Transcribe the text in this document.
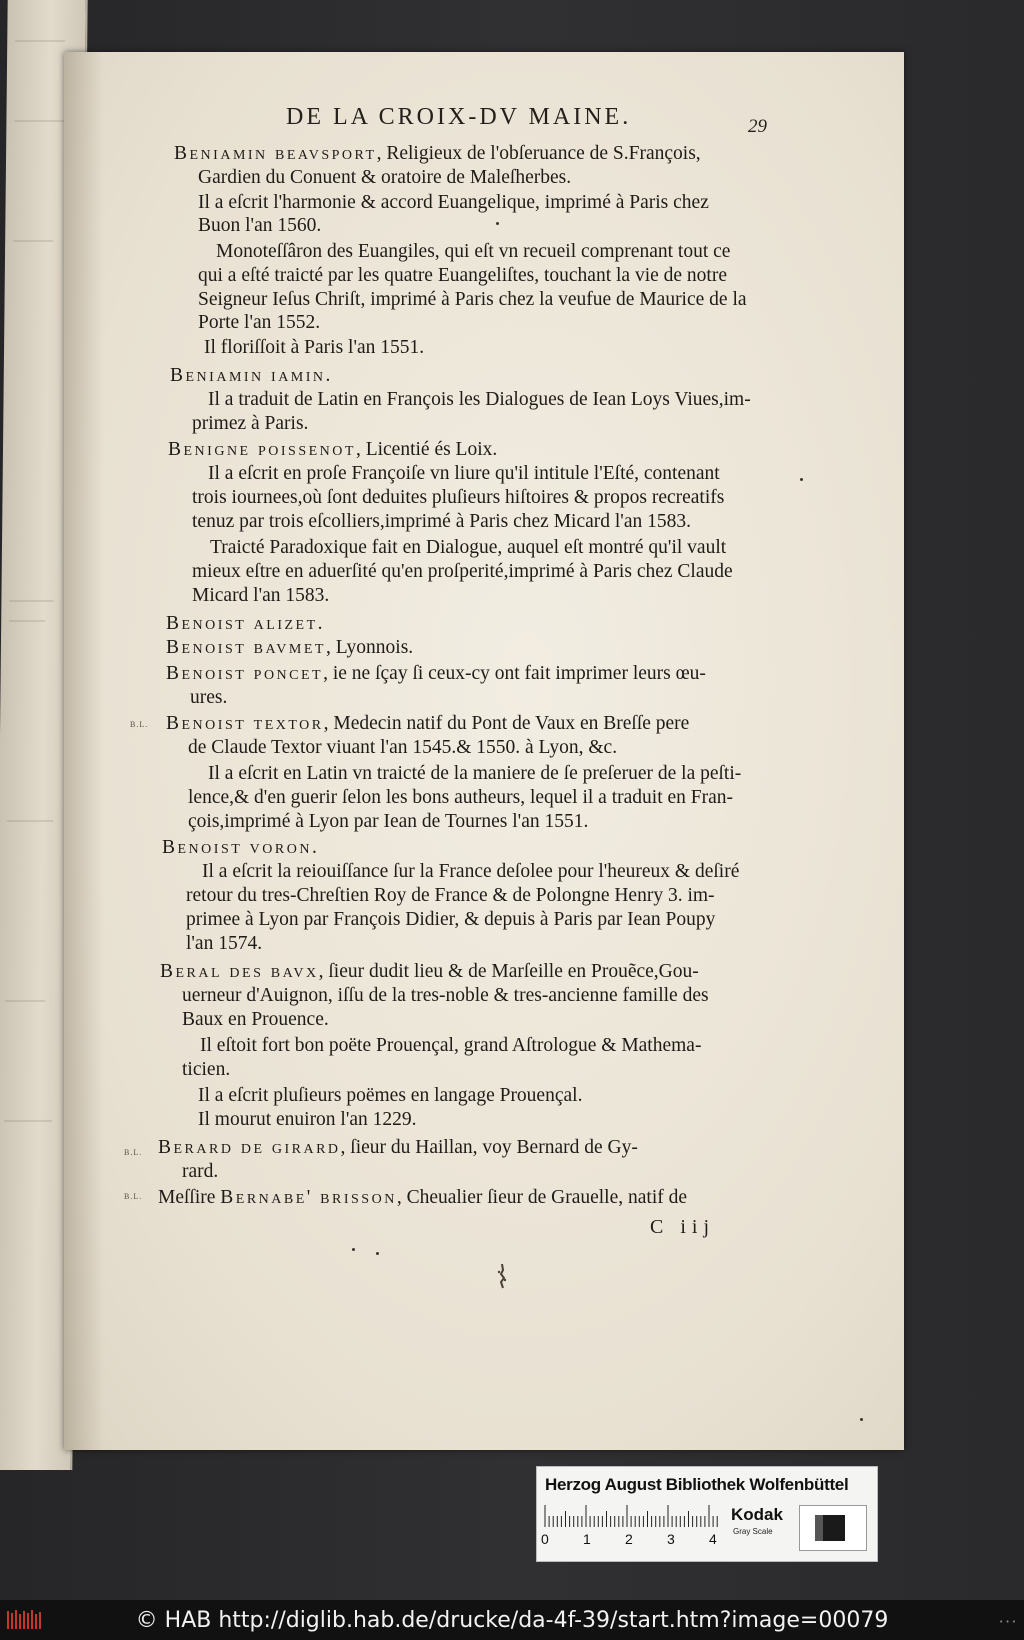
DE LA CROIX-DV MAINE.	29
Beniamin beavsport, Religieux de l'obſeruance de S.François,
Gardien du Conuent & oratoire de Maleſherbes.
Il a eſcrit l'harmonie & accord Euangelique, imprimé à Paris chez
Buon l'an 1560.
Monoteſſâron des Euangiles, qui eſt vn recueil comprenant tout ce
qui a eſté traicté par les quatre Euangeliſtes, touchant la vie de notre
Seigneur Ieſus Chriſt, imprimé à Paris chez la veufue de Maurice de la
Porte l'an 1552.
Il floriſſoit à Paris l'an 1551.
Beniamin iamin.
Il a traduit de Latin en François les Dialogues de Iean Loys Viues,im-
primez à Paris.
Benigne poissenot, Licentié és Loix.
Il a eſcrit en proſe Françoiſe vn liure qu'il intitule l'Eſté, contenant
trois iournees,où ſont deduites pluſieurs hiſtoires & propos recreatifs
tenuz par trois eſcolliers,imprimé à Paris chez Micard l'an 1583.
Traicté Paradoxique fait en Dialogue, auquel eſt montré qu'il vault
mieux eſtre en aduerſité qu'en proſperité,imprimé à Paris chez Claude
Micard l'an 1583.
Benoist alizet.
Benoist bavmet, Lyonnois.
Benoist poncet, ie ne ſçay ſi ceux-cy ont fait imprimer leurs œu-
ures.
Benoist textor, Medecin natif du Pont de Vaux en Breſſe pere
de Claude Textor viuant l'an 1545.& 1550. à Lyon, &c.
Il a eſcrit en Latin vn traicté de la maniere de ſe preſeruer de la peſti-
lence,& d'en guerir ſelon les bons autheurs, lequel il a traduit en Fran-
çois,imprimé à Lyon par Iean de Tournes l'an 1551.
Benoist voron.
Il a eſcrit la reiouiſſance ſur la France deſolee pour l'heureux & deſiré
retour du tres-Chreſtien Roy de France & de Polongne Henry 3. im-
primee à Lyon par François Didier, & depuis à Paris par Iean Poupy
l'an 1574.
Beral des bavx, ſieur dudit lieu & de Marſeille en Prouẽce,Gou-
uerneur d'Auignon, iſſu de la tres-noble & tres-ancienne famille des
Baux en Prouence.
Il eſtoit fort bon poëte Prouençal, grand Aſtrologue & Mathema-
ticien.
Il a eſcrit pluſieurs poëmes en langage Prouençal.
Il mourut enuiron l'an 1229.
Berard de girard, ſieur du Haillan, voy Bernard de Gy-
rard.
Meſſire Bernabe' brisson, Cheualier ſieur de Grauelle, natif de
B.L.
B.L.
B.L.
C iij
Herzog August Bibliothek Wolfenbüttel
0 1 2 3 4
Kodak
Gray Scale
© HAB http://diglib.hab.de/drucke/da-4f-39/start.htm?image=00079	• • •
